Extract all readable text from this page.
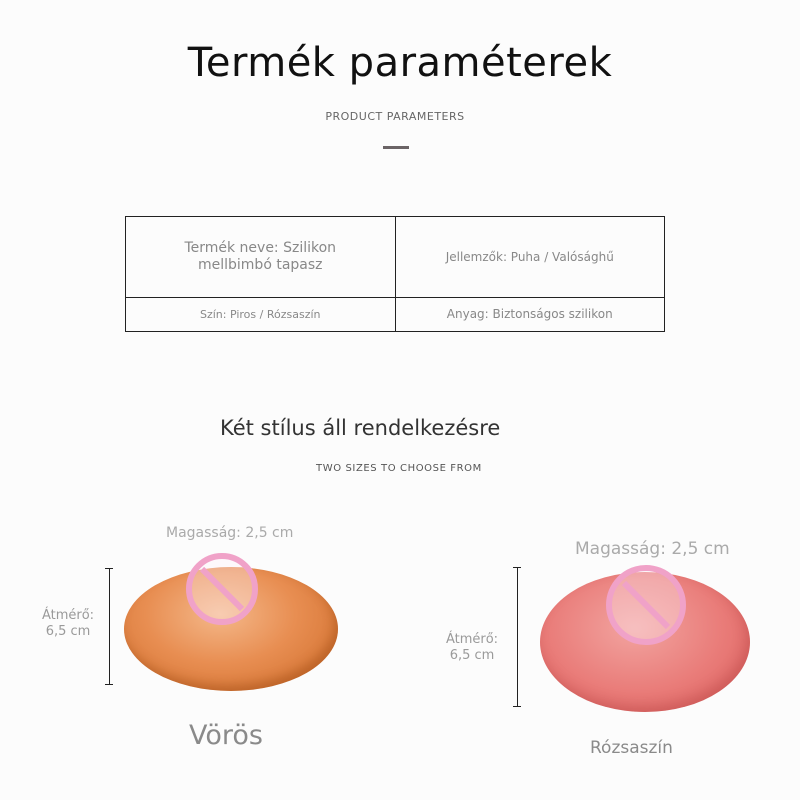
Termék paraméterek
PRODUCT PARAMETERS
Termék neve: Szilikon mellbimbó tapasz	Jellemzők: Puha / Valósághű
Szín: Piros / Rózsaszín	Anyag: Biztonságos szilikon
Két stílus áll rendelkezésre
TWO SIZES TO CHOOSE FROM
Magasság: 2,5 cm
Átmérő:
6,5 cm
Vörös
Magasság: 2,5 cm
Átmérő:
6,5 cm
Rózsaszín
